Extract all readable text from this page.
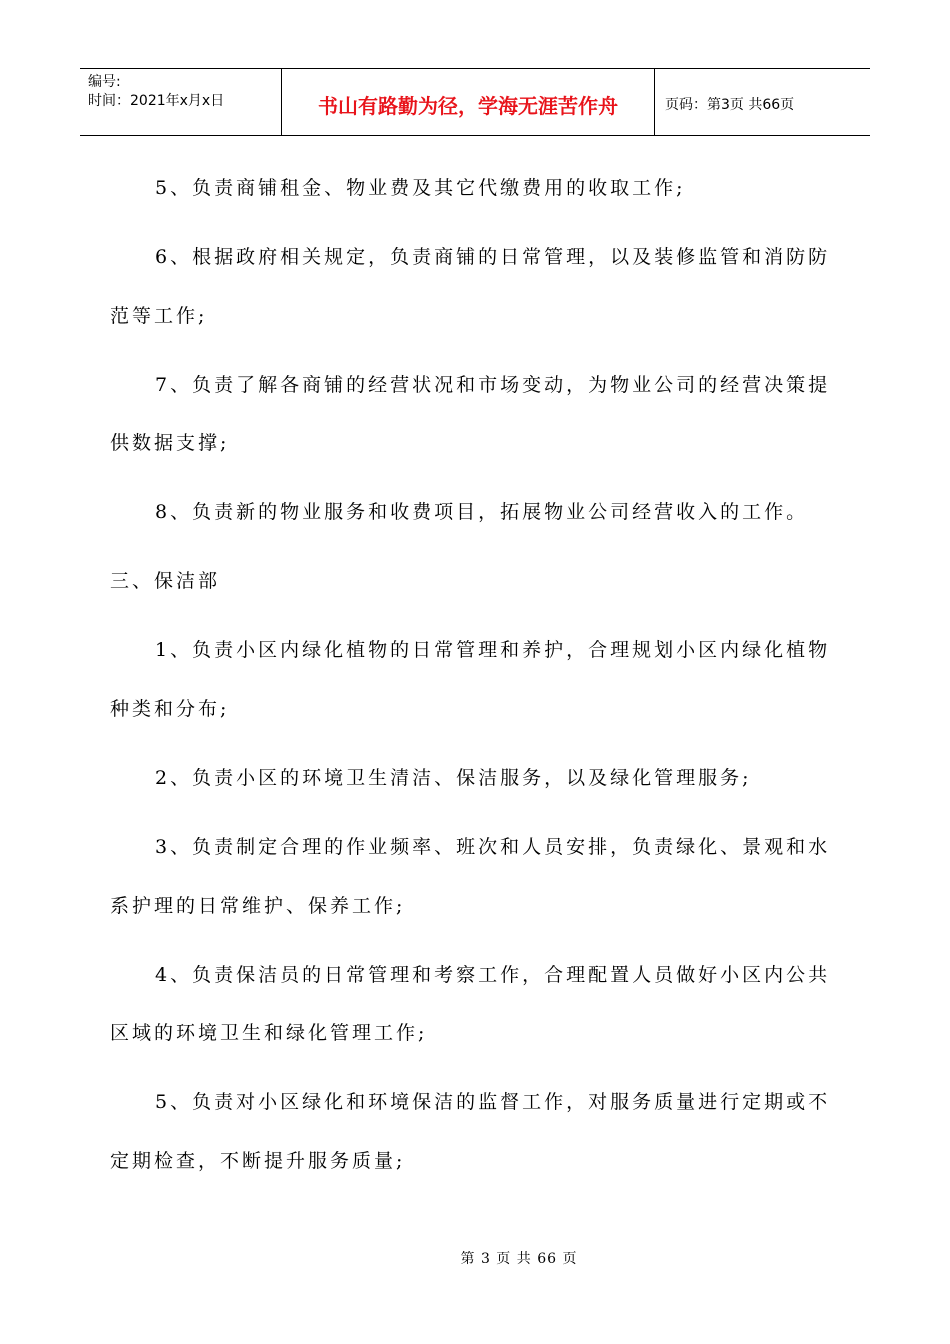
编号:
时间：2021年x月x日	书山有路勤为径，学海无涯苦作舟	页码：第3页 共66页
5、负责商铺租金、物业费及其它代缴费用的收取工作;
6、根据政府相关规定，负责商铺的日常管理，以及装修监管和消防防
范等工作;
7、负责了解各商铺的经营状况和市场变动，为物业公司的经营决策提
供数据支撑;
8、负责新的物业服务和收费项目，拓展物业公司经营收入的工作。
三、保洁部
1、负责小区内绿化植物的日常管理和养护，合理规划小区内绿化植物
种类和分布;
2、负责小区的环境卫生清洁、保洁服务，以及绿化管理服务;
3、负责制定合理的作业频率、班次和人员安排，负责绿化、景观和水
系护理的日常维护、保养工作;
4、负责保洁员的日常管理和考察工作，合理配置人员做好小区内公共
区域的环境卫生和绿化管理工作;
5、负责对小区绿化和环境保洁的监督工作，对服务质量进行定期或不
定期检查，不断提升服务质量;
第 3 页 共 66 页
